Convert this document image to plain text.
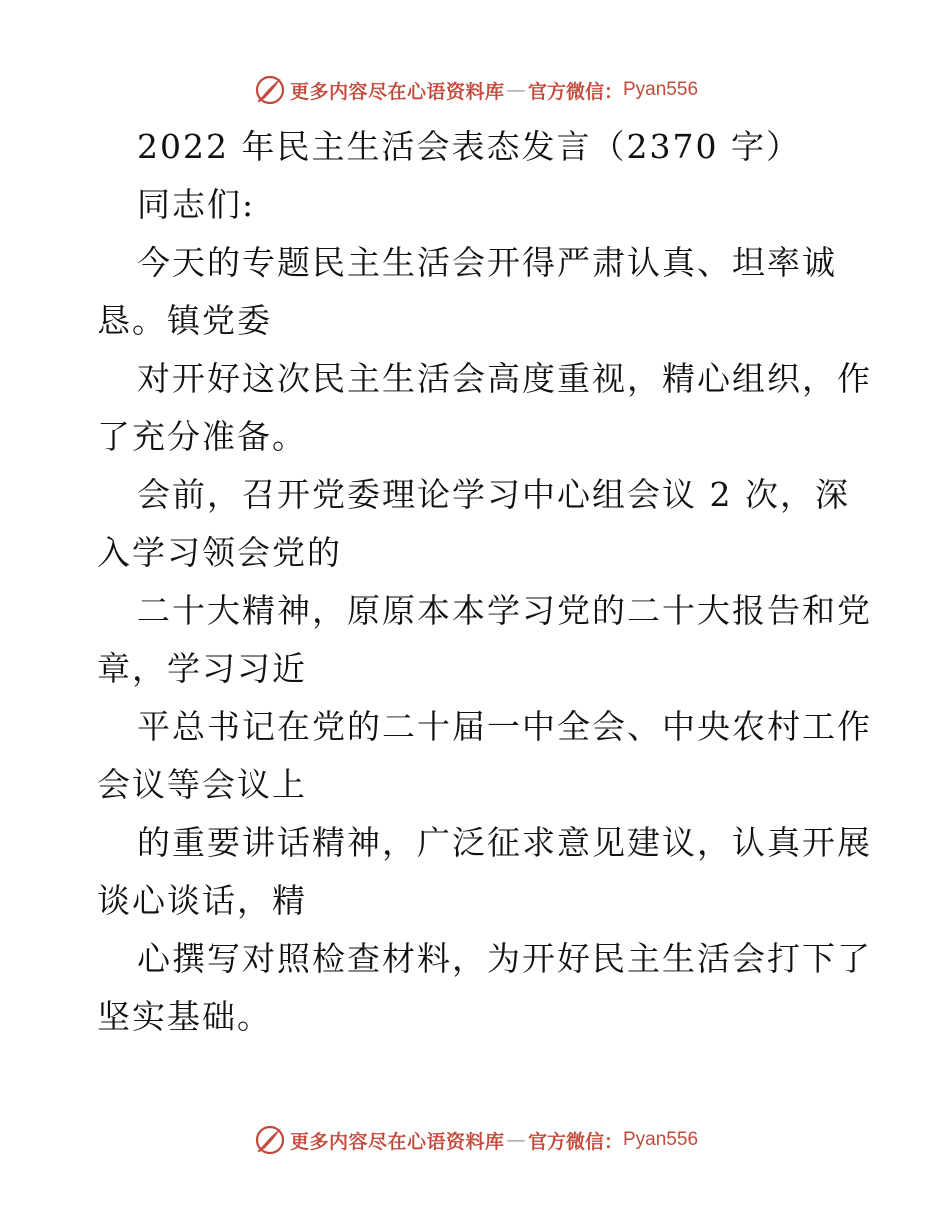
更多内容尽在心语资料库 — 官方微信： Pyan556
2022 年民主生活会表态发言（2370 字）
同志们:
今天的专题民主生活会开得严肃认真、坦率诚
恳。镇党委
对开好这次民主生活会高度重视，精心组织，作
了充分准备。
会前，召开党委理论学习中心组会议 2 次，深
入学习领会党的
二十大精神，原原本本学习党的二十大报告和党
章，学习习近
平总书记在党的二十届一中全会、中央农村工作
会议等会议上
的重要讲话精神，广泛征求意见建议，认真开展
谈心谈话，精
心撰写对照检查材料，为开好民主生活会打下了
坚实基础。
更多内容尽在心语资料库 — 官方微信： Pyan556
